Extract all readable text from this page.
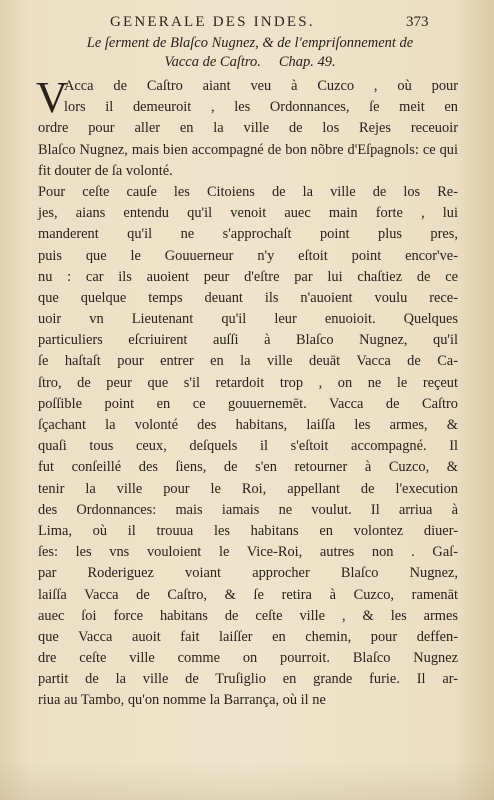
GENERALE DES INDES.	373
Le ſerment de Blaſco Nugnez, & de l'empriſonnement de
Vacca de Caſtro. Chap. 49.
V
Acca de Caſtro aiant veu à Cuzco , où pour
lors il demeuroit , les Ordonnances, ſe meit en
ordre pour aller en la ville de los Rejes receuoir
Blaſco Nugnez, mais bien accompagné de bon nõbre d'Eſpagnols: ce qui fit douter de ſa volonté.
Pour ceſte cauſe les Citoiens de la ville de los Re-
jes, aians entendu qu'il venoit auec main forte , lui
manderent qu'il ne s'approchaſt point plus pres,
puis que le Gouuerneur n'y eſtoit point encor've-
nu : car ils auoient peur d'eſtre par lui chaſtiez de ce
que quelque temps deuant ils n'auoient voulu rece-
uoir vn Lieutenant qu'il leur enuoioit. Quelques
particuliers eſcriuirent auſſi à Blaſco Nugnez, qu'il
ſe haſtaſt pour entrer en la ville deuāt Vacca de Ca-
ſtro, de peur que s'il retardoit trop , on ne le reçeut
poſſible point en ce gouuernemēt. Vacca de Caſtro
ſçachant la volonté des habitans, laiſſa les armes, &
quaſi tous ceux, deſquels il s'eſtoit accompagné. Il
fut conſeillé des ſiens, de s'en retourner à Cuzco, &
tenir la ville pour le Roi, appellant de l'execution
des Ordonnances: mais iamais ne voulut. Il arriua à
Lima, où il trouua les habitans en volontez diuer-
ſes: les vns vouloient le Vice-Roi, autres non . Gaſ-
par Roderiguez voiant approcher Blaſco Nugnez,
laiſſa Vacca de Caſtro, & ſe retira à Cuzco, ramenāt
auec ſoi force habitans de ceſte ville , & les armes
que Vacca auoit fait laiſſer en chemin, pour deffen-
dre ceſte ville comme on pourroit. Blaſco Nugnez
partit de la ville de Truſiglio en grande furie. Il ar-
riua au Tambo, qu'on nomme la Barrança, où il ne
